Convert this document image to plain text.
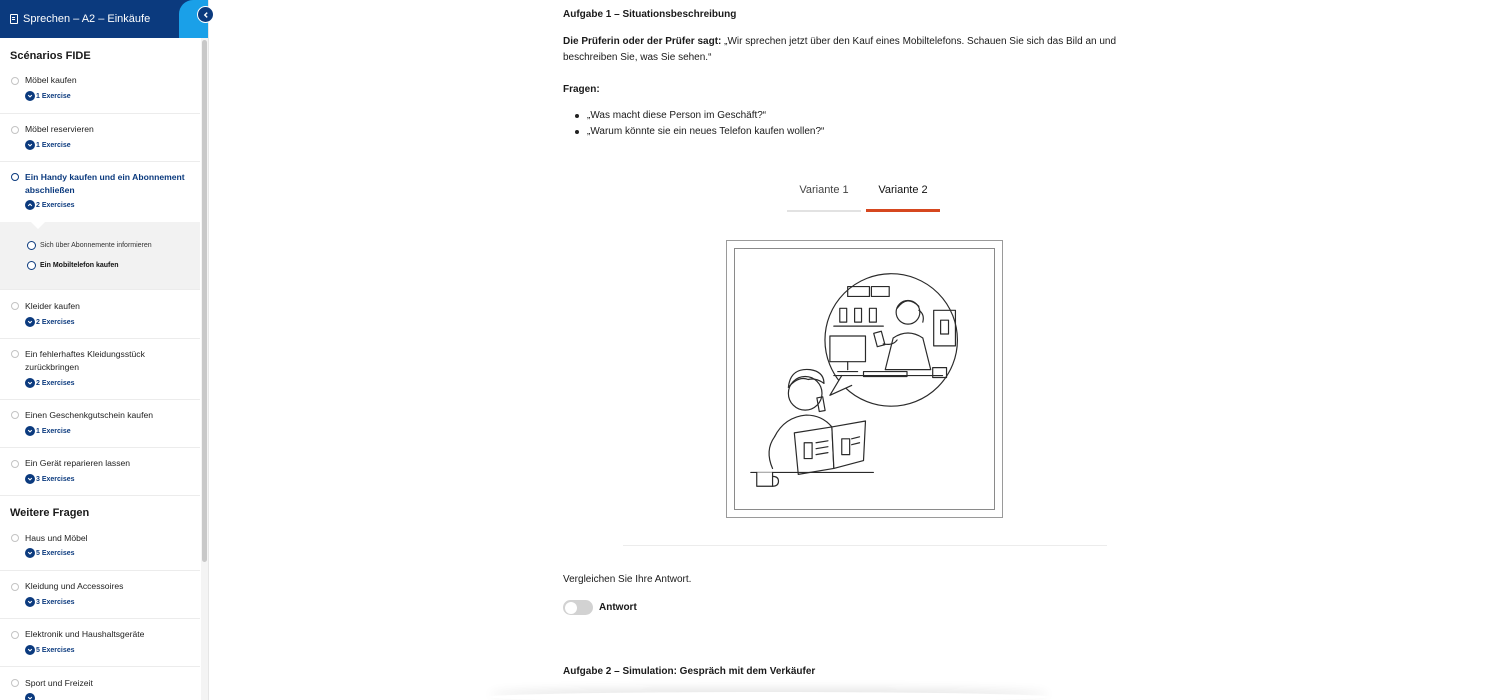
Sprechen – A2 – Einkäufe
Scénarios FIDE
Möbel kaufen
1 Exercise
Möbel reservieren
1 Exercise
Ein Handy kaufen und ein Abonnement abschließen
2 Exercises
Sich über Abonnemente informieren
Ein Mobiltelefon kaufen
Kleider kaufen
2 Exercises
Ein fehlerhaftes Kleidungsstück zurückbringen
2 Exercises
Einen Geschenkgutschein kaufen
1 Exercise
Ein Gerät reparieren lassen
3 Exercises
Weitere Fragen
Haus und Möbel
5 Exercises
Kleidung und Accessoires
3 Exercises
Elektronik und Haushaltsgeräte
5 Exercises
Sport und Freizeit
Aufgabe 1 – Situationsbeschreibung

Die Prüferin oder der Prüfer sagt: „Wir sprechen jetzt über den Kauf eines Mobiltelefons. Schauen Sie sich das Bild an und beschreiben Sie, was Sie sehen.“

Fragen:
„Was macht diese Person im Geschäft?“
„Warum könnte sie ein neues Telefon kaufen wollen?“
Variante 1	Variante 2
Vergleichen Sie Ihre Antwort.
Antwort
Aufgabe 2 – Simulation: Gespräch mit dem Verkäufer
